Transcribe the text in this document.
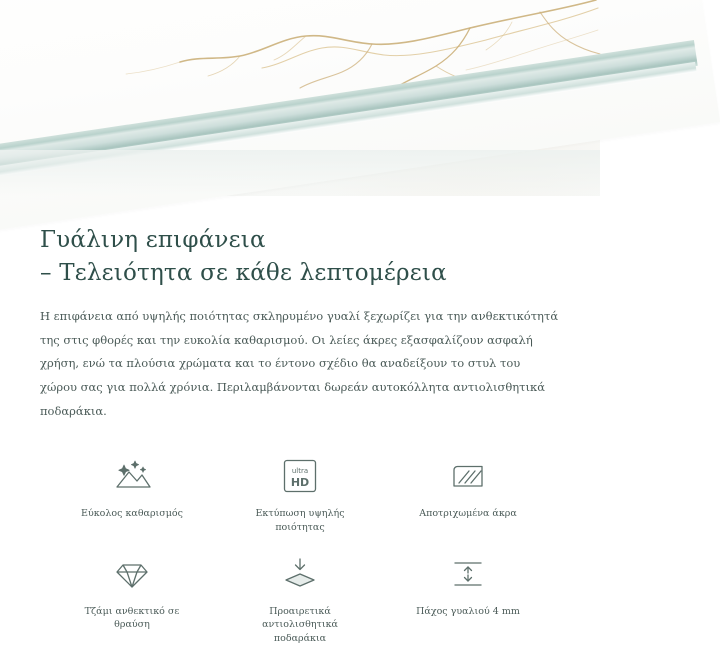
Γυάλινη επιφάνεια
– Τελειότητα σε κάθε λεπτομέρεια

Η επιφάνεια από υψηλής ποιότητας σκληρυμένο γυαλί ξεχωρίζει για την ανθεκτικότητά της στις φθορές και την ευκολία καθαρισμού. Οι λείες άκρες εξασφαλίζουν ασφαλή χρήση, ενώ τα πλούσια χρώματα και το έντονο σχέδιο θα αναδείξουν το στυλ του χώρου σας για πολλά χρόνια. Περιλαμβάνονται δωρεάν αυτοκόλλητα αντιολισθητικά ποδαράκια.

Εύκολος καθαρισμός
ultra
HD
Εκτύπωση υψηλής ποιότητας
Αποτριχωμένα άκρα
Τζάμι ανθεκτικό σε θραύση
Προαιρετικά αντιολισθητικά ποδαράκια
Πάχος γυαλιού 4 mm
